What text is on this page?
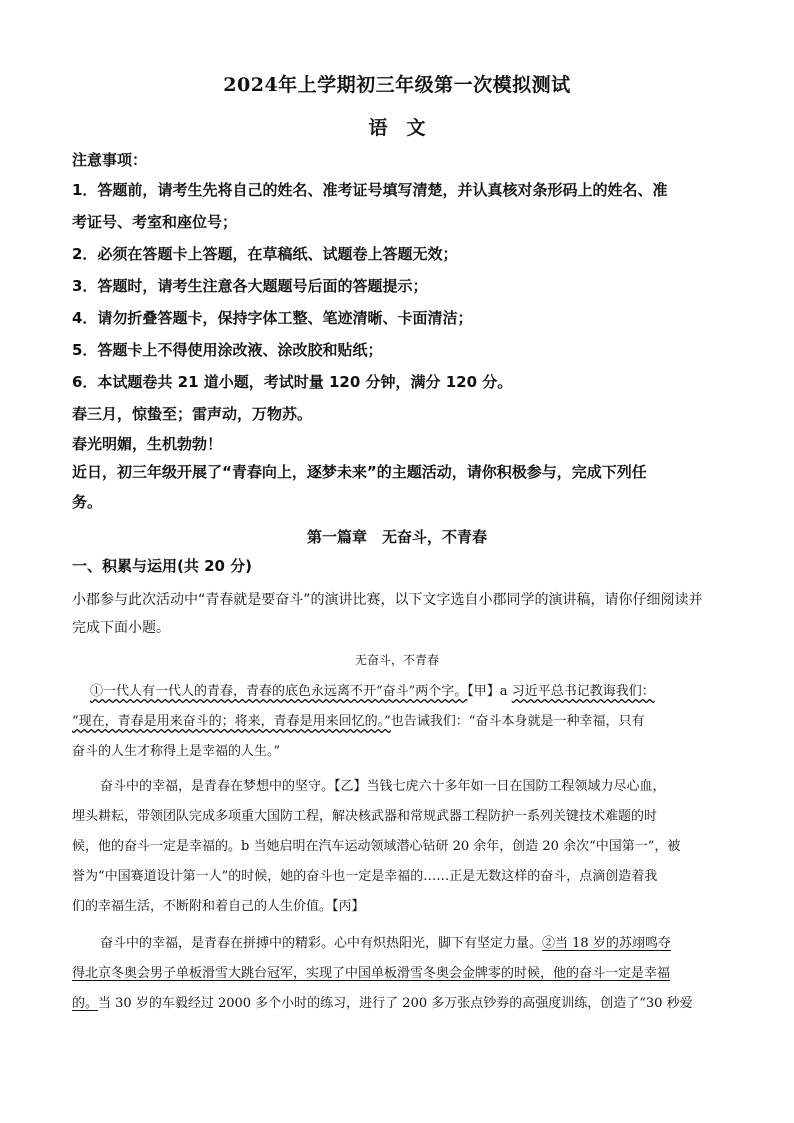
2024年上学期初三年级第一次模拟测试
语　文
注意事项：
1．答题前，请考生先将自己的姓名、准考证号填写清楚，并认真核对条形码上的姓名、准
考证号、考室和座位号；
2．必须在答题卡上答题，在草稿纸、试题卷上答题无效；
3．答题时，请考生注意各大题题号后面的答题提示；
4．请勿折叠答题卡，保持字体工整、笔迹清晰、卡面清洁；
5．答题卡上不得使用涂改液、涂改胶和贴纸；
6．本试题卷共 21 道小题，考试时量 120 分钟，满分 120 分。
春三月，惊蛰至；雷声动，万物苏。
春光明媚，生机勃勃！
近日，初三年级开展了“青春向上，逐梦未来”的主题活动，请你积极参与，完成下列任
务。
第一篇章　无奋斗，不青春
一、积累与运用(共 20 分)
小郡参与此次活动中“青春就是要奋斗”的演讲比赛，以下文字选自小郡同学的演讲稿，请你仔细阅读并
完成下面小题。
无奋斗，不青春
①一代人有一代人的青春，青春的底色永远离不开“奋斗”两个字。【甲】a 习近平总书记教诲我们：
“现在，青春是用来奋斗的；将来，青春是用来回忆的。”也告诫我们：“奋斗本身就是一种幸福，只有
奋斗的人生才称得上是幸福的人生。”
奋斗中的幸福，是青春在梦想中的坚守。【乙】当钱七虎六十多年如一日在国防工程领域力尽心血，
埋头耕耘，带领团队完成多项重大国防工程，解决核武器和常规武器工程防护一系列关键技术难题的时
候，他的奋斗一定是幸福的。b 当她启明在汽车运动领域潜心钻研 20 余年，创造 20 余次“中国第一”，被
誉为“中国赛道设计第一人”的时候，她的奋斗也一定是幸福的……正是无数这样的奋斗，点滴创造着我
们的幸福生活，不断附和着自己的人生价值。【丙】
奋斗中的幸福，是青春在拼搏中的精彩。心中有炽热阳光，脚下有坚定力量。②当 18 岁的苏翊鸣夺
得北京冬奥会男子单板滑雪大跳台冠军，实现了中国单板滑雪冬奥会金牌零的时候，他的奋斗一定是幸福
的。当 30 岁的车毅经过 2000 多个小时的练习，进行了 200 多万张点钞券的高强度训练，创造了“30 秒爱
